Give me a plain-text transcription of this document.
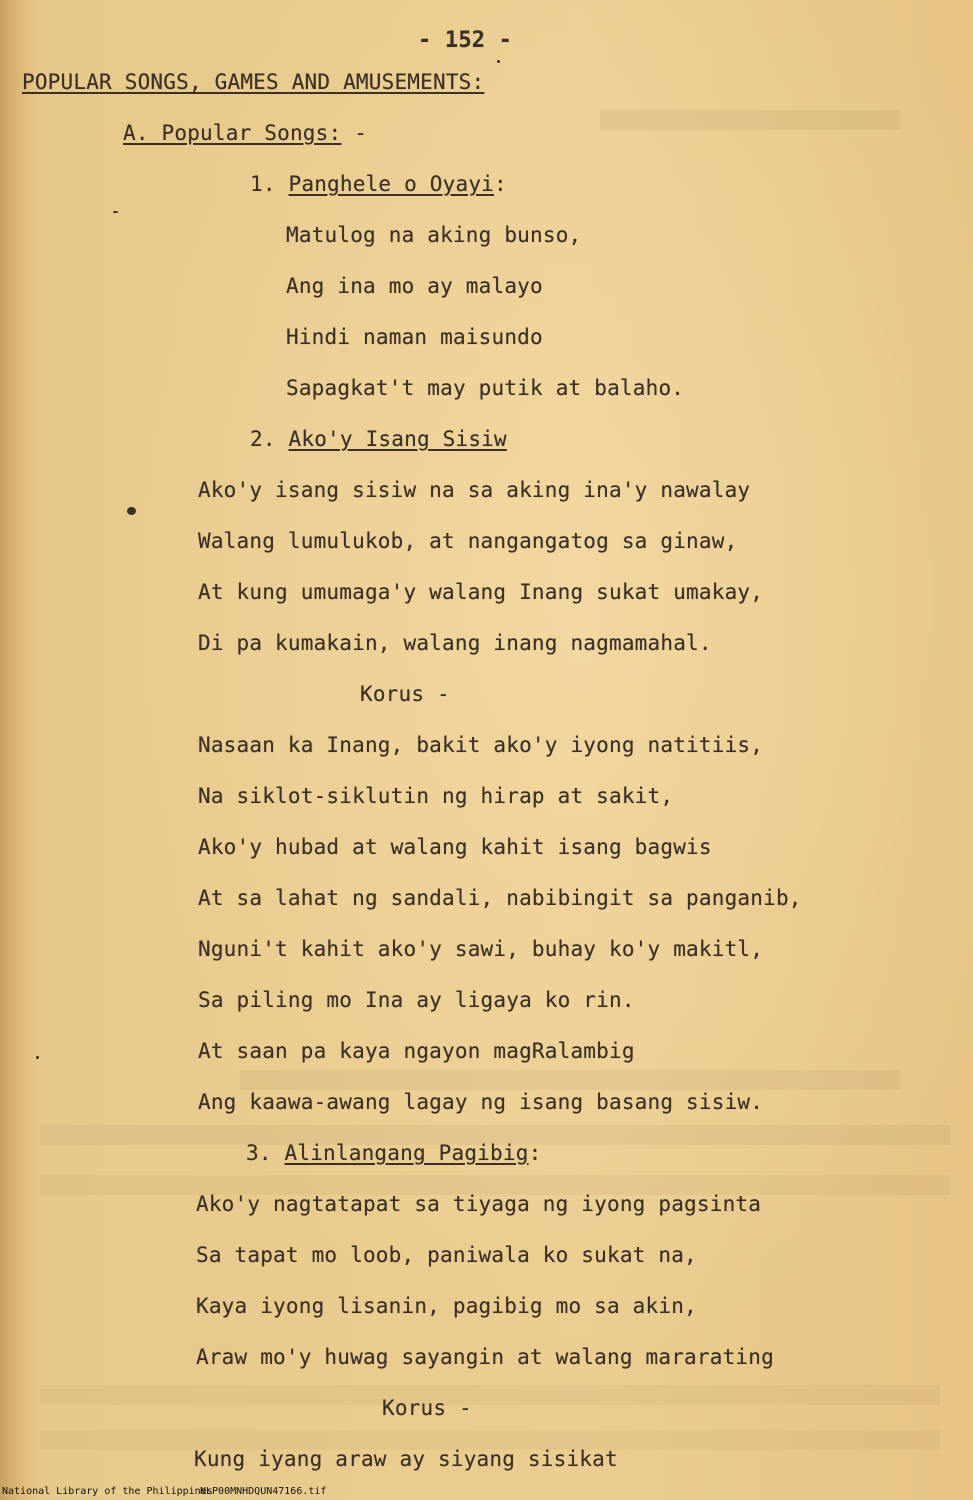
- 152 -
POPULAR SONGS, GAMES AND AMUSEMENTS:
A. Popular Songs: -
1. Panghele o Oyayi:
Matulog na aking bunso,
Ang ina mo ay malayo
Hindi naman maisundo
Sapagkat't may putik at balaho.
2. Ako'y Isang Sisiw
Ako'y isang sisiw na sa aking ina'y nawalay
Walang lumulukob, at nangangatog sa ginaw,
At kung umumaga'y walang Inang sukat umakay,
Di pa kumakain, walang inang nagmamahal.
Korus -
Nasaan ka Inang, bakit ako'y iyong natitiis,
Na siklot-siklutin ng hirap at sakit,
Ako'y hubad at walang kahit isang bagwis
At sa lahat ng sandali, nabibingit sa panganib,
Nguni't kahit ako'y sawi, buhay ko'y makitl,
Sa piling mo Ina ay ligaya ko rin.
At saan pa kaya ngayon magRalambig
Ang kaawa-awang lagay ng isang basang sisiw.
3. Alinlangang Pagibig:
Ako'y nagtatapat sa tiyaga ng iyong pagsinta
Sa tapat mo loob, paniwala ko sukat na,
Kaya iyong lisanin, pagibig mo sa akin,
Araw mo'y huwag sayangin at walang mararating
Korus -
Kung iyang araw ay siyang sisikat
National Library of the Philippines
NLP00MNHDQUN47166.tif
